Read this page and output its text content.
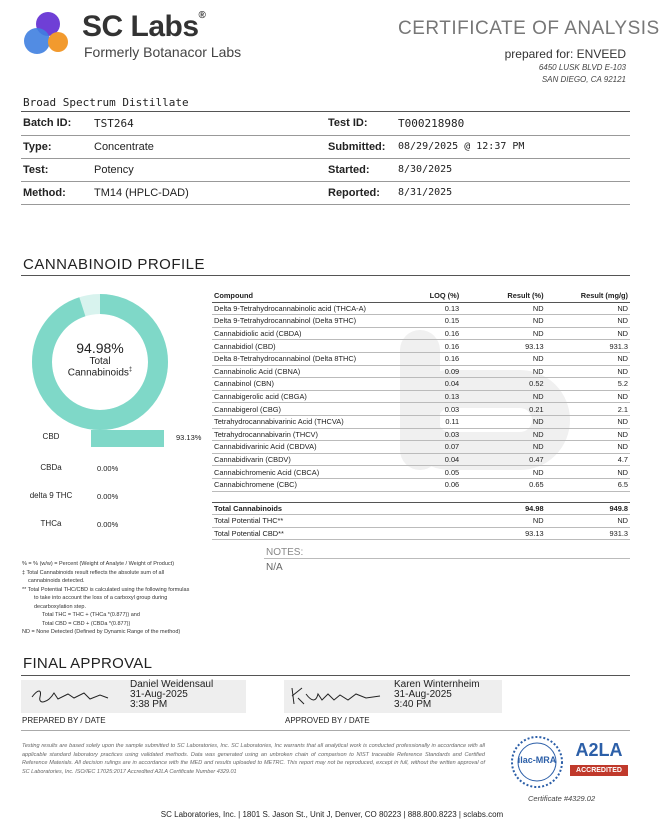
SC Labs®
Formerly Botanacor Labs
CERTIFICATE OF ANALYSIS
prepared for: ENVEED
6450 LUSK BLVD E-103
SAN DIEGO, CA 92121
Broad Spectrum Distillate
Batch ID: TST264	Test ID:	T000218980
Type:	Concentrate	Submitted: 08/29/2025 @ 12:37 PM
Test:	Potency	Started:	8/30/2025
Method:	TM14 (HPLC-DAD)	Reported: 8/31/2025
CANNABINOID PROFILE
94.98%
Total
Cannabinoids‡
CBD	93.13%
CBDa	0.00%
delta 9 THC	0.00%
THCa	0.00%
Compound	LOQ (%)	Result (%)	Result (mg/g)
Delta 9-Tetrahydrocannabinolic acid (THCA-A)	0.13	ND	ND
Delta 9-Tetrahydrocannabinol (Delta 9THC)	0.15	ND	ND
Cannabidiolic acid (CBDA)	0.16	ND	ND
Cannabidiol (CBD)	0.16	93.13	931.3
Delta 8-Tetrahydrocannabinol (Delta 8THC)	0.16	ND	ND
Cannabinolic Acid (CBNA)	0.09	ND	ND
Cannabinol (CBN)	0.04	0.52	5.2
Cannabigerolic acid (CBGA)	0.13	ND	ND
Cannabigerol (CBG)	0.03	0.21	2.1
Tetrahydrocannabivarinic Acid (THCVA)	0.11	ND	ND
Tetrahydrocannabivarin (THCV)	0.03	ND	ND
Cannabidivarinic Acid (CBDVA)	0.07	ND	ND
Cannabidivarin (CBDV)	0.04	0.47	4.7
Cannabichromenic Acid (CBCA)	0.05	ND	ND
Cannabichromene (CBC)	0.06	0.65	6.5

Total Cannabinoids		94.98	949.8
Total Potential THC**		ND	ND
Total Potential CBD**		93.13	931.3
NOTES:
N/A
% = % (w/w) = Percent (Weight of Analyte / Weight of Product)
‡ Total Cannabinoids result reflects the absolute sum of all
cannabinoids detected.
** Total Potential THC/CBD is calculated using the following formulas
to take into account the loss of a carboxyl group during
decarboxylation step.
Total THC = THC + (THCa *(0.877)) and
Total CBD = CBD + (CBDa *(0.877))
ND = None Detected (Defined by Dynamic Range of the method)
FINAL APPROVAL
Daniel Weidensaul
31-Aug-2025
3:38 PM
PREPARED BY / DATE
Karen Winternheim
31-Aug-2025
3:40 PM
APPROVED BY / DATE
Testing results are based solely upon the sample submitted to SC Laboratories, Inc. SC Laboratories, Inc warrants that all analytical work is conducted professionally in accordance with all applicable standard laboratory practices using validated methods. Data was generated using an unbroken chain of comparison to NIST traceable Reference Standards and Certified Reference Materials. All decision rulings are in accordance with the MED and results uploaded to METRC. This report may not be reproduced, except in full, without the written approval of SC Laboratories, Inc. ISO/IEC 17025:2017 Accredited A2LA Certificate Number 4329.01
ilac-MRA	A2LA
ACCREDITED
Certificate #4329.02
SC Laboratories, Inc. | 1801 S. Jason St., Unit J, Denver, CO 80223 | 888.800.8223 | sclabs.com
